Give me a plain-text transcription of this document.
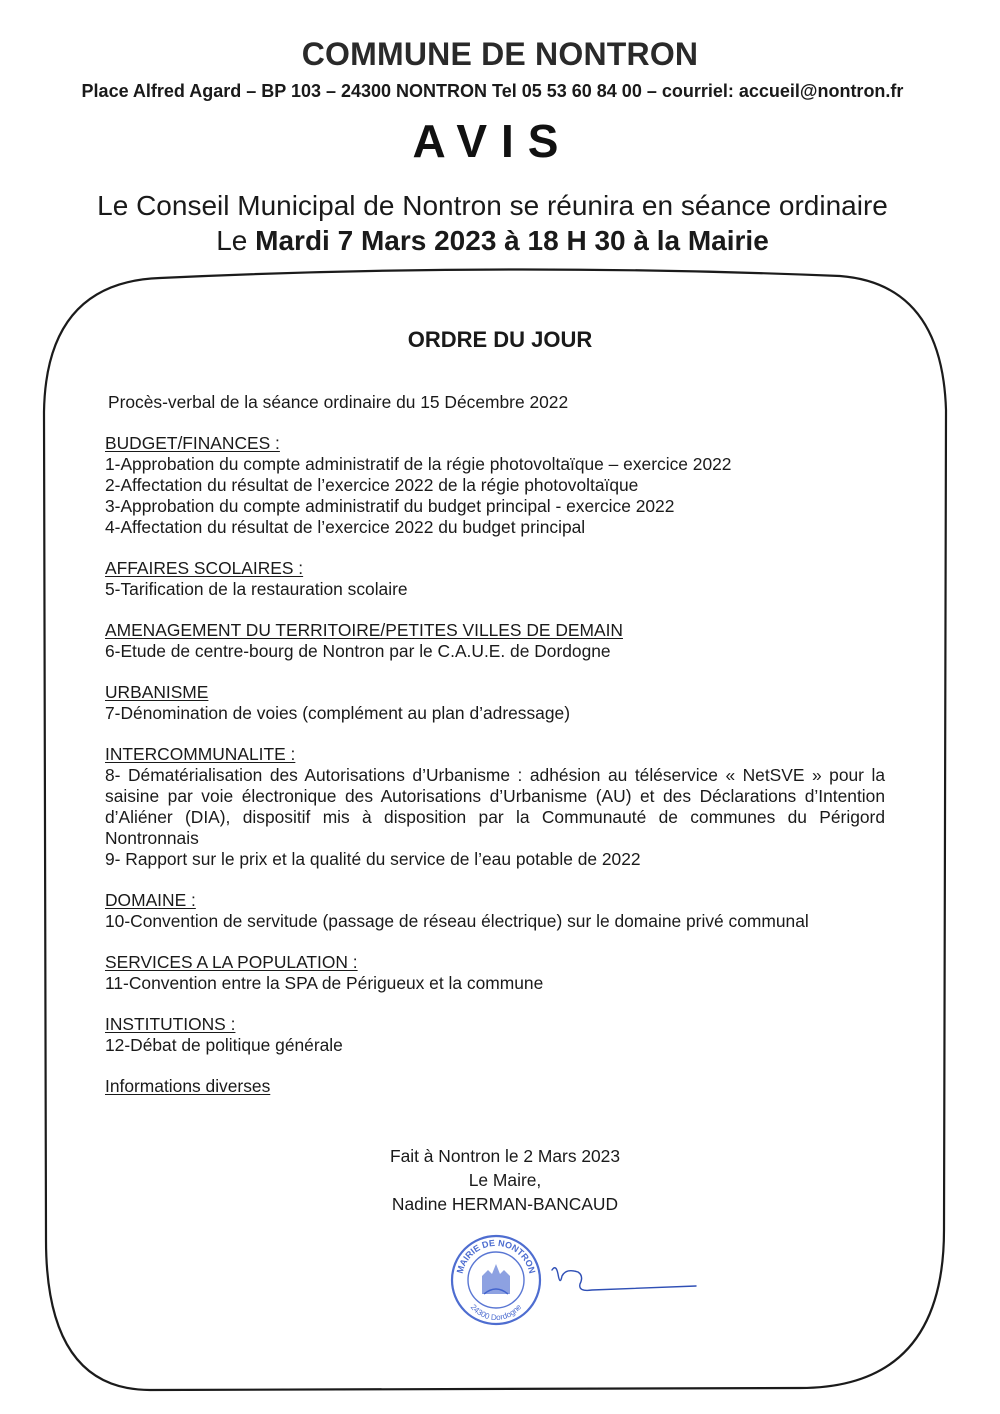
COMMUNE DE NONTRON
Place Alfred Agard – BP 103 – 24300 NONTRON Tel 05 53 60 84 00 – courriel: accueil@nontron.fr
AVIS
Le Conseil Municipal de Nontron se réunira en séance ordinaire
Le Mardi 7 Mars 2023 à 18 H 30 à la Mairie
ORDRE DU JOUR
Procès-verbal de la séance ordinaire du 15 Décembre 2022
BUDGET/FINANCES :
1-Approbation du compte administratif de la régie photovoltaïque – exercice 2022
2-Affectation du résultat de l’exercice 2022 de la régie photovoltaïque
3-Approbation du compte administratif du budget principal - exercice 2022
4-Affectation du résultat de l’exercice 2022 du budget principal
AFFAIRES SCOLAIRES :
5-Tarification de la restauration scolaire
AMENAGEMENT DU TERRITOIRE/PETITES VILLES DE DEMAIN
6-Etude de centre-bourg de Nontron par le C.A.U.E. de Dordogne
URBANISME
7-Dénomination de voies (complément au plan d’adressage)
INTERCOMMUNALITE :
8- Dématérialisation des Autorisations d’Urbanisme : adhésion au téléservice « NetSVE » pour la saisine par voie électronique des Autorisations d’Urbanisme (AU) et des Déclarations d’Intention d’Aliéner (DIA), dispositif mis à disposition par la Communauté de communes du Périgord Nontronnais
9- Rapport sur le prix et la qualité du service de l’eau potable de 2022
DOMAINE :
10-Convention de servitude (passage de réseau électrique) sur le domaine privé communal
SERVICES A LA POPULATION :
11-Convention entre la SPA de Périgueux et la commune
INSTITUTIONS :
12-Débat de politique générale
Informations diverses
Fait à Nontron le 2 Mars 2023
Le Maire,
Nadine HERMAN-BANCAUD
MAIRIE DE NONTRON
24300 Dordogne
